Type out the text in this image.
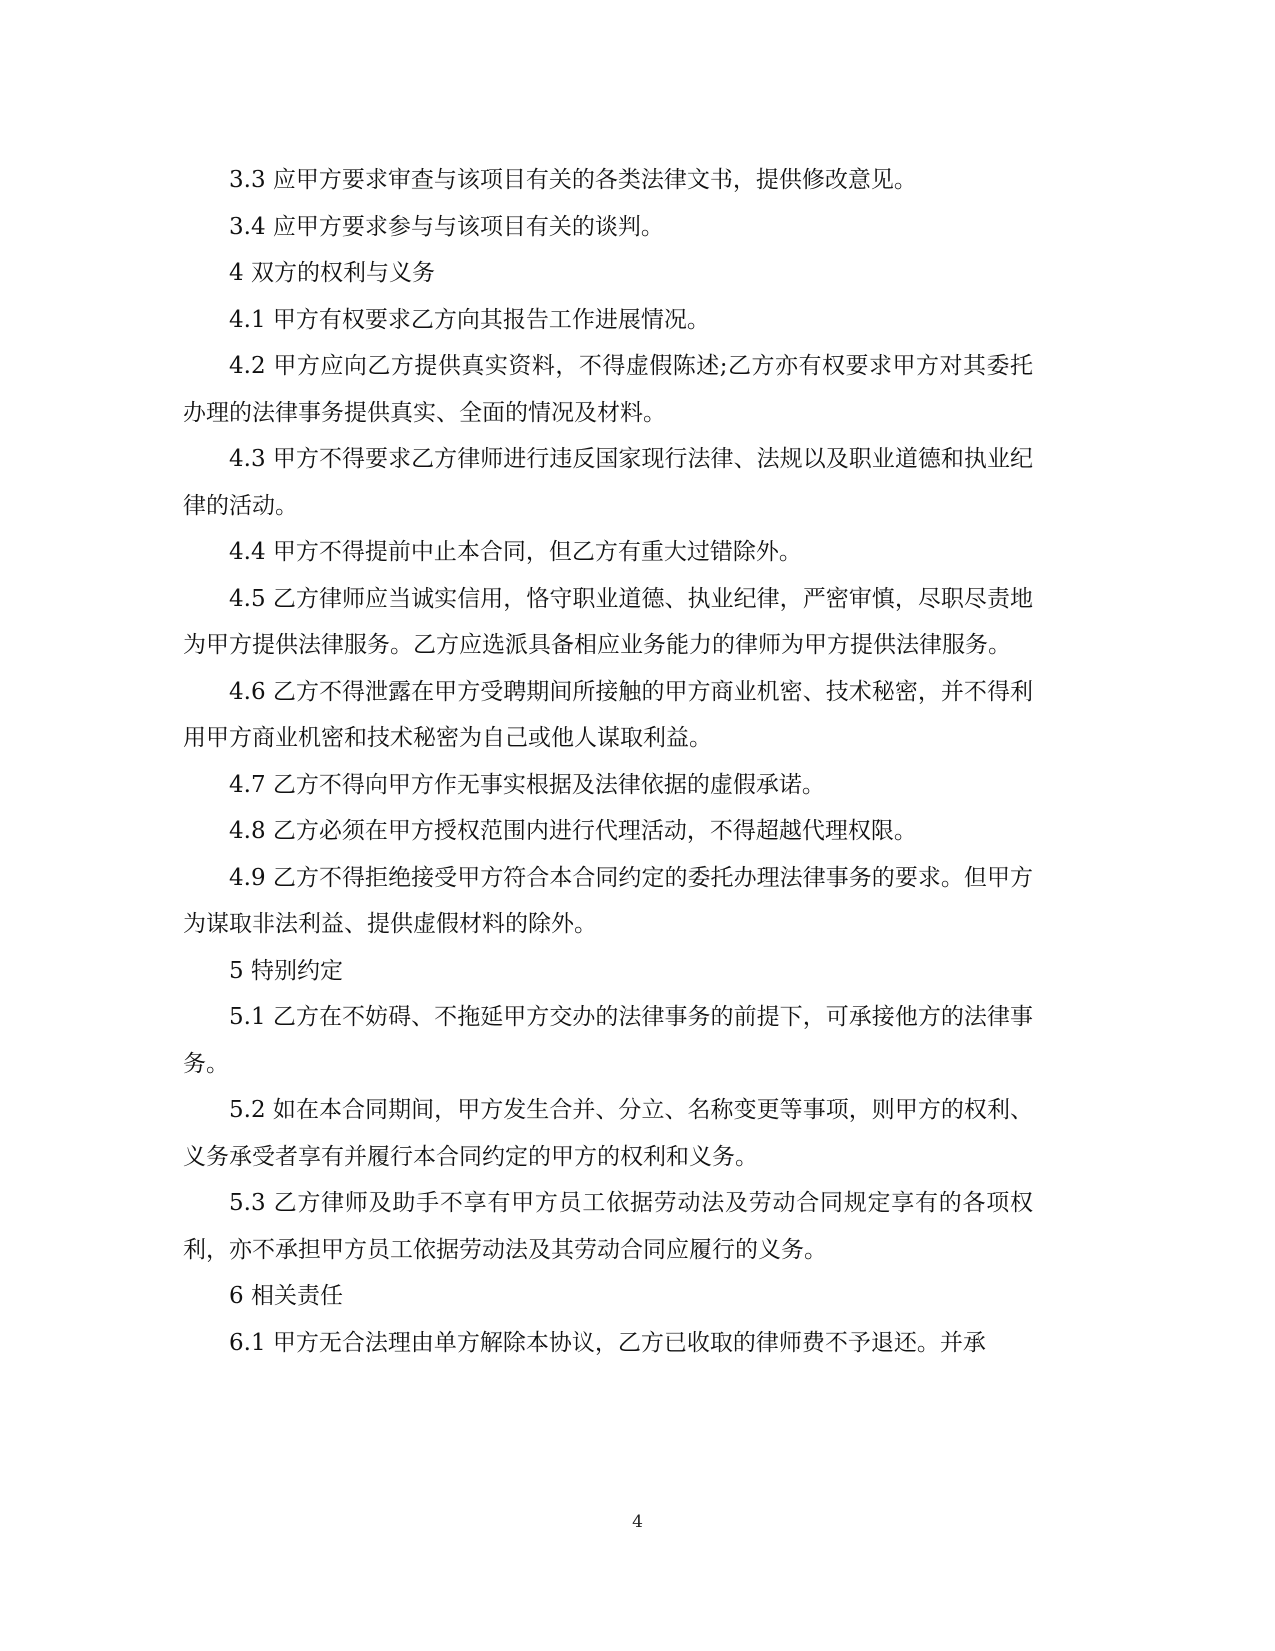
3.3 应甲方要求审查与该项目有关的各类法律文书，提供修改意见。

3.4 应甲方要求参与与该项目有关的谈判。

4 双方的权利与义务

4.1 甲方有权要求乙方向其报告工作进展情况。

4.2 甲方应向乙方提供真实资料，不得虚假陈述;乙方亦有权要求甲方对其委托办理的法律事务提供真实、全面的情况及材料。

4.3 甲方不得要求乙方律师进行违反国家现行法律、法规以及职业道德和执业纪律的活动。

4.4 甲方不得提前中止本合同，但乙方有重大过错除外。

4.5 乙方律师应当诚实信用，恪守职业道德、执业纪律，严密审慎，尽职尽责地为甲方提供法律服务。乙方应选派具备相应业务能力的律师为甲方提供法律服务。

4.6 乙方不得泄露在甲方受聘期间所接触的甲方商业机密、技术秘密，并不得利用甲方商业机密和技术秘密为自己或他人谋取利益。

4.7 乙方不得向甲方作无事实根据及法律依据的虚假承诺。

4.8 乙方必须在甲方授权范围内进行代理活动，不得超越代理权限。

4.9 乙方不得拒绝接受甲方符合本合同约定的委托办理法律事务的要求。但甲方为谋取非法利益、提供虚假材料的除外。

5 特别约定

5.1 乙方在不妨碍、不拖延甲方交办的法律事务的前提下，可承接他方的法律事务。

5.2 如在本合同期间，甲方发生合并、分立、名称变更等事项，则甲方的权利、义务承受者享有并履行本合同约定的甲方的权利和义务。

5.3 乙方律师及助手不享有甲方员工依据劳动法及劳动合同规定享有的各项权利，亦不承担甲方员工依据劳动法及其劳动合同应履行的义务。

6 相关责任

6.1 甲方无合法理由单方解除本协议，乙方已收取的律师费不予退还。并承

4
